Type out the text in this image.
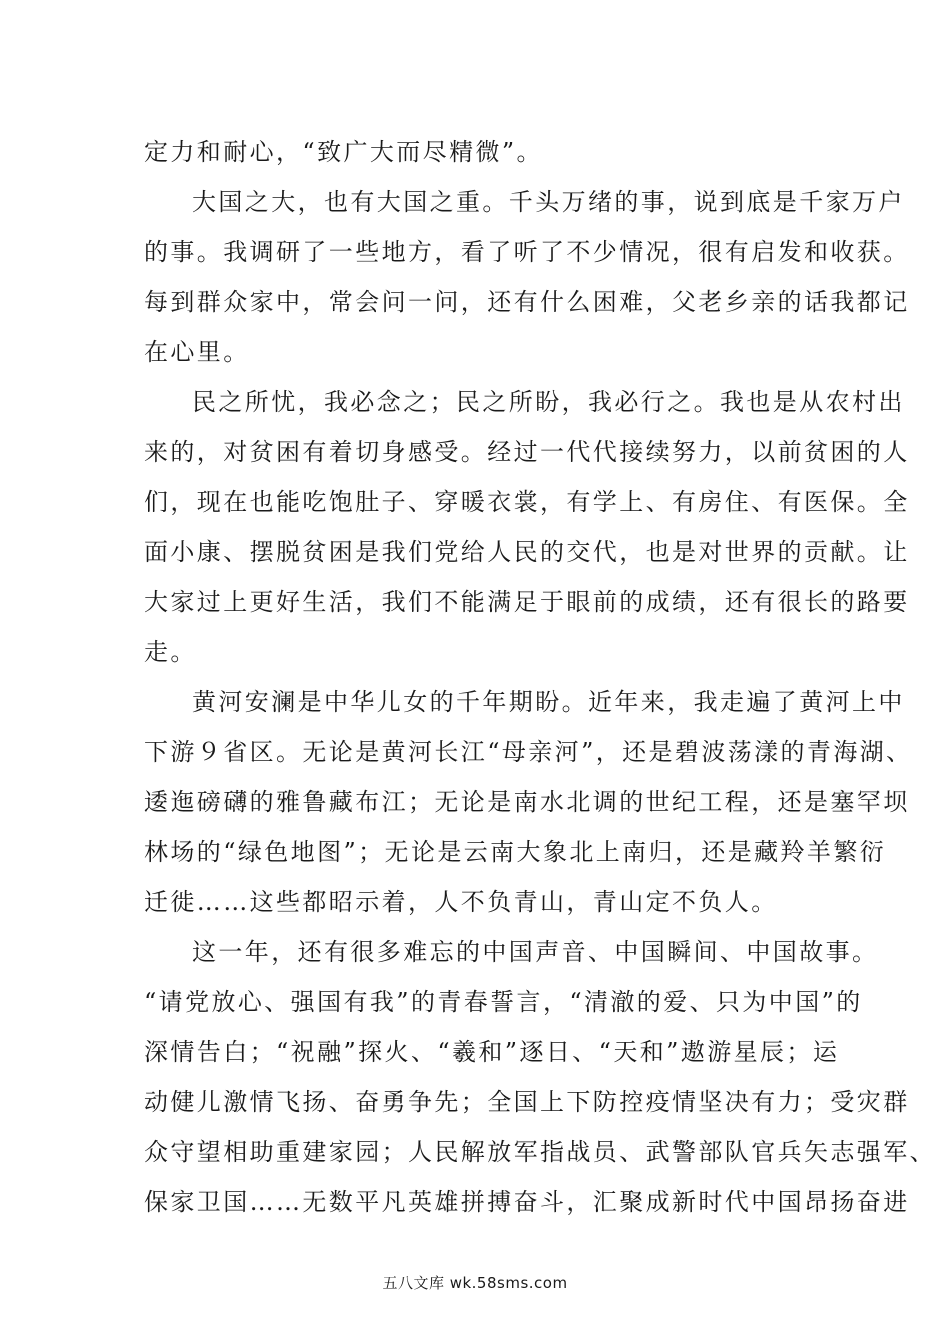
定力和耐心，“致广大而尽精微”。
大国之大，也有大国之重。千头万绪的事，说到底是千家万户
的事。我调研了一些地方，看了听了不少情况，很有启发和收获。
每到群众家中，常会问一问，还有什么困难，父老乡亲的话我都记
在心里。
民之所忧，我必念之；民之所盼，我必行之。我也是从农村出
来的，对贫困有着切身感受。经过一代代接续努力，以前贫困的人
们，现在也能吃饱肚子、穿暖衣裳，有学上、有房住、有医保。全
面小康、摆脱贫困是我们党给人民的交代，也是对世界的贡献。让
大家过上更好生活，我们不能满足于眼前的成绩，还有很长的路要
走。
黄河安澜是中华儿女的千年期盼。近年来，我走遍了黄河上中
下游９省区。无论是黄河长江“母亲河”，还是碧波荡漾的青海湖、
逶迤磅礴的雅鲁藏布江；无论是南水北调的世纪工程，还是塞罕坝
林场的“绿色地图”；无论是云南大象北上南归，还是藏羚羊繁衍
迁徙……这些都昭示着，人不负青山，青山定不负人。
这一年，还有很多难忘的中国声音、中国瞬间、中国故事。
“请党放心、强国有我”的青春誓言，“清澈的爱、只为中国”的
深情告白；“祝融”探火、“羲和”逐日、“天和”遨游星辰；运
动健儿激情飞扬、奋勇争先；全国上下防控疫情坚决有力；受灾群
众守望相助重建家园；人民解放军指战员、武警部队官兵矢志强军、
保家卫国……无数平凡英雄拼搏奋斗，汇聚成新时代中国昂扬奋进
五八文库 wk.58sms.com
